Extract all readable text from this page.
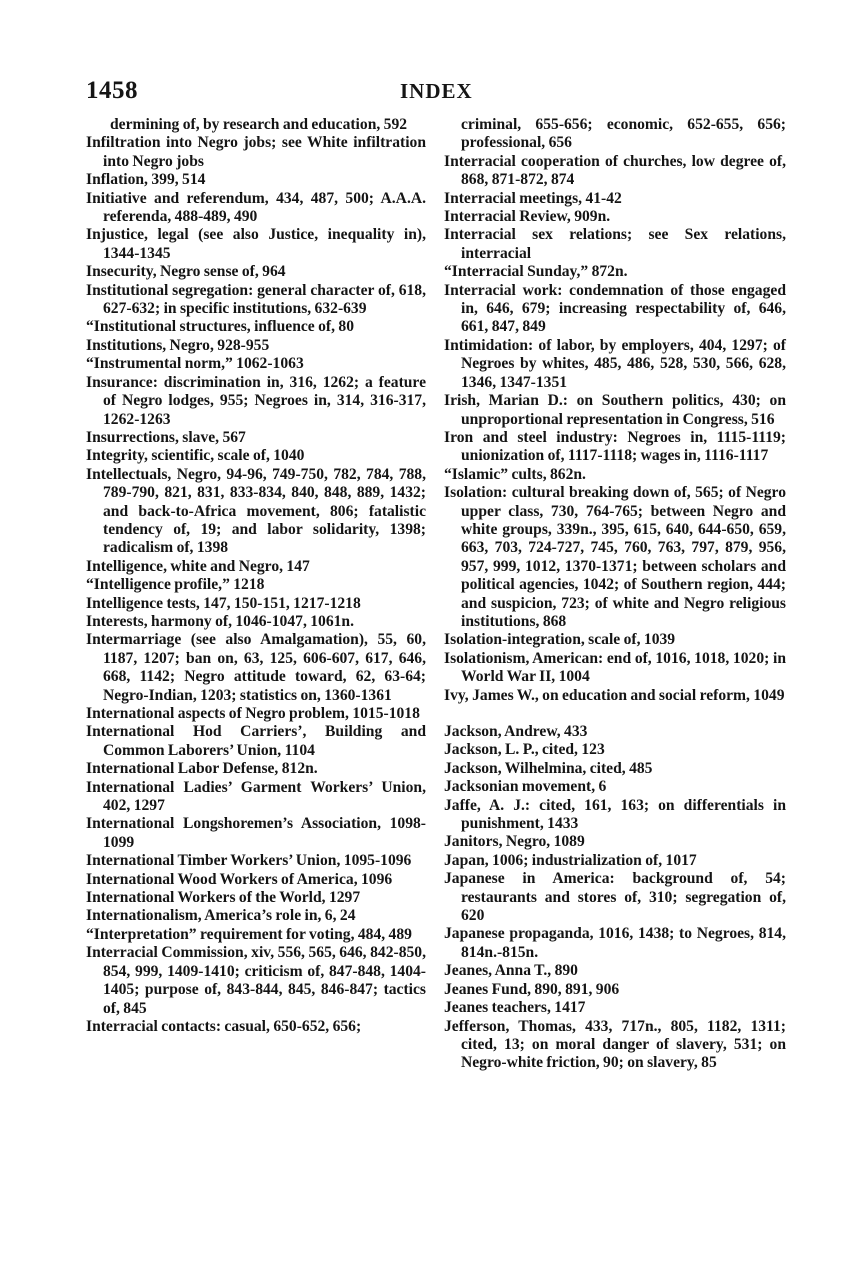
1458	INDEX

dermining of, by research and education, 592

Infiltration into Negro jobs; see White infiltration into Negro jobs

Inflation, 399, 514

Initiative and referendum, 434, 487, 500; A.A.A. referenda, 488-489, 490

Injustice, legal (see also Justice, inequality in), 1344-1345

Insecurity, Negro sense of, 964

Institutional segregation: general character of, 618, 627-632; in specific institutions, 632-639

“Institutional structures, influence of, 80

Institutions, Negro, 928-955

“Instrumental norm,” 1062-1063

Insurance: discrimination in, 316, 1262; a feature of Negro lodges, 955; Negroes in, 314, 316-317, 1262-1263

Insurrections, slave, 567

Integrity, scientific, scale of, 1040

Intellectuals, Negro, 94-96, 749-750, 782, 784, 788, 789-790, 821, 831, 833-834, 840, 848, 889, 1432; and back-to-Africa movement, 806; fatalistic tendency of, 19; and labor solidarity, 1398; radicalism of, 1398

Intelligence, white and Negro, 147

“Intelligence profile,” 1218

Intelligence tests, 147, 150-151, 1217-1218

Interests, harmony of, 1046-1047, 1061n.

Intermarriage (see also Amalgamation), 55, 60, 1187, 1207; ban on, 63, 125, 606-607, 617, 646, 668, 1142; Negro attitude toward, 62, 63-64; Negro-Indian, 1203; statistics on, 1360-1361

International aspects of Negro problem, 1015-1018

International Hod Carriers’, Building and Common Laborers’ Union, 1104

International Labor Defense, 812n.

International Ladies’ Garment Workers’ Union, 402, 1297

International Longshoremen’s Association, 1098-1099

International Timber Workers’ Union, 1095-1096

International Wood Workers of America, 1096

International Workers of the World, 1297

Internationalism, America’s role in, 6, 24

“Interpretation” requirement for voting, 484, 489

Interracial Commission, xiv, 556, 565, 646, 842-850, 854, 999, 1409-1410; criticism of, 847-848, 1404-1405; purpose of, 843-844, 845, 846-847; tactics of, 845

Interracial contacts: casual, 650-652, 656;

criminal, 655-656; economic, 652-655, 656; professional, 656

Interracial cooperation of churches, low degree of, 868, 871-872, 874

Interracial meetings, 41-42

Interracial Review, 909n.

Interracial sex relations; see Sex relations, interracial

“Interracial Sunday,” 872n.

Interracial work: condemnation of those engaged in, 646, 679; increasing respectability of, 646, 661, 847, 849

Intimidation: of labor, by employers, 404, 1297; of Negroes by whites, 485, 486, 528, 530, 566, 628, 1346, 1347-1351

Irish, Marian D.: on Southern politics, 430; on unproportional representation in Congress, 516

Iron and steel industry: Negroes in, 1115-1119; unionization of, 1117-1118; wages in, 1116-1117

“Islamic” cults, 862n.

Isolation: cultural breaking down of, 565; of Negro upper class, 730, 764-765; between Negro and white groups, 339n., 395, 615, 640, 644-650, 659, 663, 703, 724-727, 745, 760, 763, 797, 879, 956, 957, 999, 1012, 1370-1371; between scholars and political agencies, 1042; of Southern region, 444; and suspicion, 723; of white and Negro religious institutions, 868

Isolation-integration, scale of, 1039

Isolationism, American: end of, 1016, 1018, 1020; in World War II, 1004

Ivy, James W., on education and social reform, 1049

Jackson, Andrew, 433

Jackson, L. P., cited, 123

Jackson, Wilhelmina, cited, 485

Jacksonian movement, 6

Jaffe, A. J.: cited, 161, 163; on differentials in punishment, 1433

Janitors, Negro, 1089

Japan, 1006; industrialization of, 1017

Japanese in America: background of, 54; restaurants and stores of, 310; segregation of, 620

Japanese propaganda, 1016, 1438; to Negroes, 814, 814n.-815n.

Jeanes, Anna T., 890

Jeanes Fund, 890, 891, 906

Jeanes teachers, 1417

Jefferson, Thomas, 433, 717n., 805, 1182, 1311; cited, 13; on moral danger of slavery, 531; on Negro-white friction, 90; on slavery, 85
